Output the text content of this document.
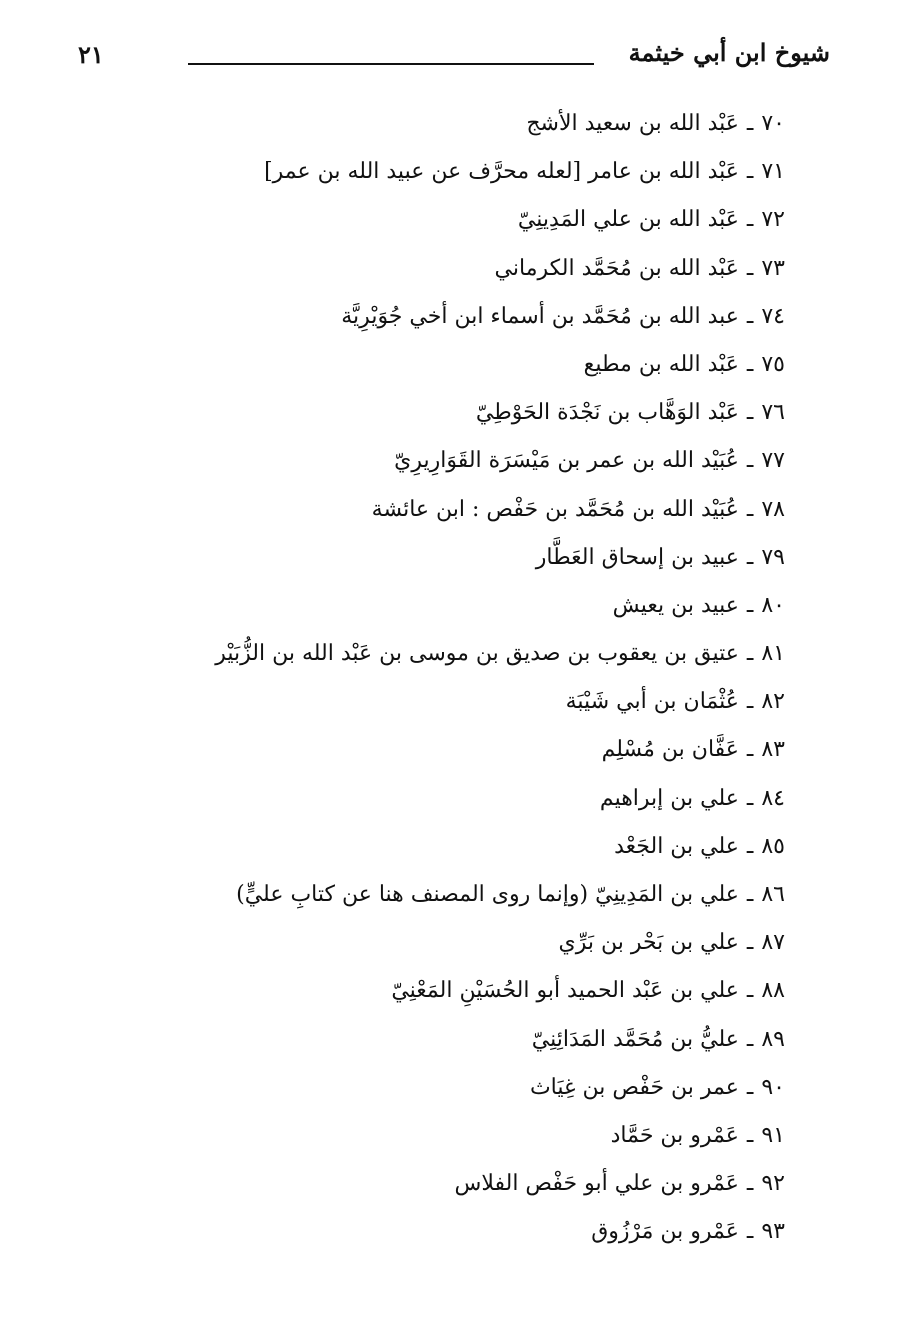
شيوخ ابن أبي خيثمة
٢١
٧٠ـعَبْد الله بن سعيد الأشج
٧١ـعَبْد الله بن عامر [لعله محرَّف عن عبيد الله بن عمر]
٧٢ـعَبْد الله بن علي المَدِينِيّ
٧٣ـعَبْد الله بن مُحَمَّد الكرماني
٧٤ـعبد الله بن مُحَمَّد بن أسماء ابن أخي جُوَيْرِيَّة
٧٥ـعَبْد الله بن مطيع
٧٦ـعَبْد الوَهَّاب بن نَجْدَة الحَوْطِيّ
٧٧ـعُبَيْد الله بن عمر بن مَيْسَرَة القَوَارِيرِيّ
٧٨ـعُبَيْد الله بن مُحَمَّد بن حَفْص : ابن عائشة
٧٩ـعبيد بن إسحاق العَطَّار
٨٠ـعبيد بن يعيش
٨١ـعتيق بن يعقوب بن صديق بن موسى بن عَبْد الله بن الزُّبَيْر
٨٢ـعُثْمَان بن أبي شَيْبَة
٨٣ـعَفَّان بن مُسْلِم
٨٤ـعلي بن إبراهيم
٨٥ـعلي بن الجَعْد
٨٦ـعلي بن المَدِينِيّ (وإنما روى المصنف هنا عن كتابِ عليٍّ)
٨٧ـعلي بن بَحْر بن بَرِّي
٨٨ـعلي بن عَبْد الحميد أبو الحُسَيْنِ المَعْنِيّ
٨٩ـعليُّ بن مُحَمَّد المَدَائِنِيّ
٩٠ـعمر بن حَفْص بن غِيَاث
٩١ـعَمْرو بن حَمَّاد
٩٢ـعَمْرو بن علي أبو حَفْص الفلاس
٩٣ـعَمْرو بن مَرْزُوق
